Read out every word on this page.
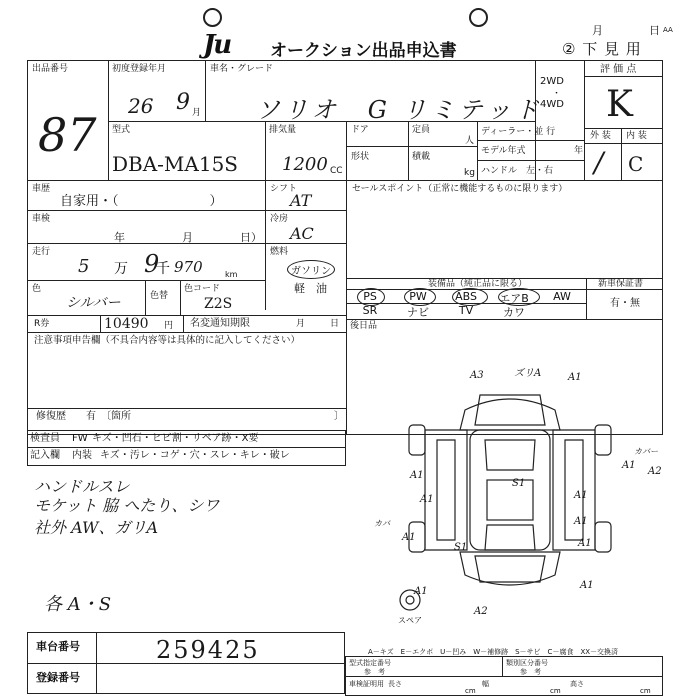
Ju オークション出品申込書
月	日 AA
② 下 見 用
出品番号
87
初度登録年月
26 9 月
車名・グレード
ソリオ　G リミテッド
2WD
・
4WD
評 価 点
K
外 装 内 装
/ C
型式
DBA-MA15S
排気量
1200 CC
ドア	定員
人
形状	積載
kg
ディーラー・並 行
モデル年式	年
ハンドル　左・右
車歴
自家用・（　　　　　　　）
シフト
AT
セールスポイント（正常に機能するものに限ります）
車検
年	月	日）
冷房
AC
走行
5 万 9
千 970	km
燃料
ガソリン
軽　油
色
シルバー	色替
色コード
Z2S
装備品（純正品に限る）	新車保証書
有・無
PS	PW	ABS	エアB	AW
SR	ナビ	TV	カワ
R券	10490 円 名変通知期限	月	日 後日品
注意事項申告欄（不具合内容等は具体的に記入してください）
修復歴　　有　〔箇所	〕
検査員 FW キズ・凹石・ヒビ割・リペア跡・X要
記入欄 内装 キズ・汚レ・コゲ・穴・スレ・キレ・破レ
ハンドルスレ
モケット 脇 へたり、シワ
社外 AW、ガリA
各 A・S
A3	ズリA	A1
A1
S1
カバー
A2
A1
A1
A1
A1
カバ
A1
S1
A1
A1
A1
A2
スペア
A－キズ　E－エクボ　U－凹み　W－補修跡　S－サビ　C－腐食　XX－交換済
車台番号	259425
登録番号
型式指定番号
参　考
類別区分番号
参　考
車検証明用 長さ
cm
幅
cm
高さ
cm
